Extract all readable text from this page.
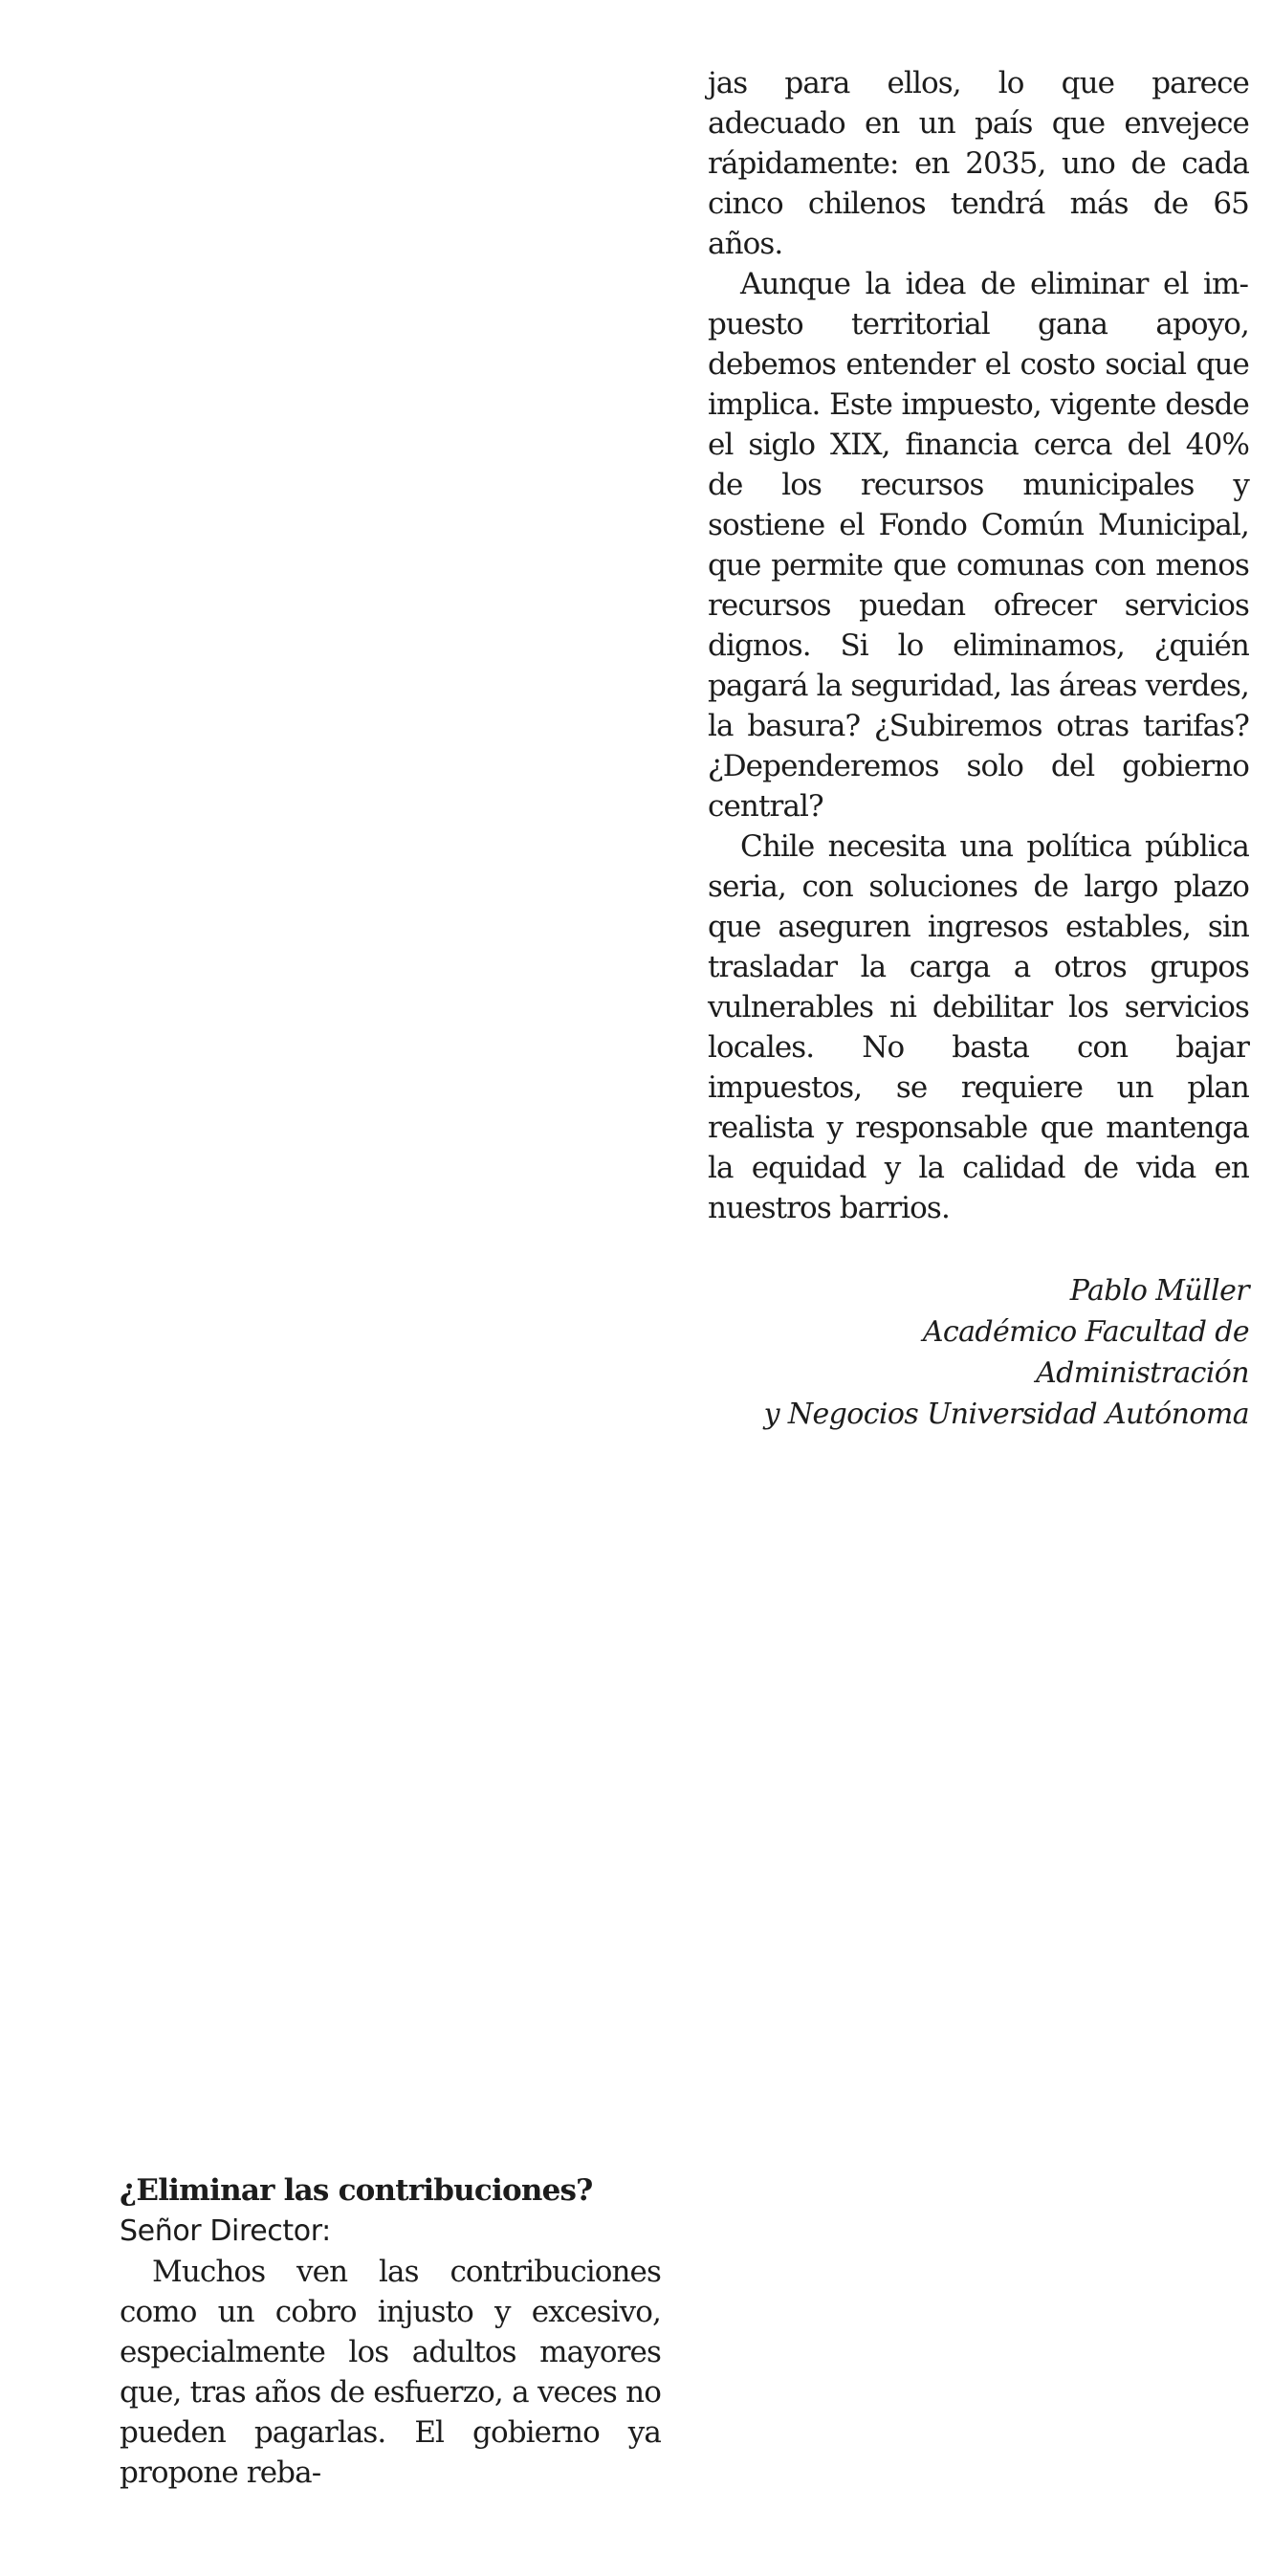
jas para ellos, lo que parece adecuado en un país que envejece rápidamente: en 2035, uno de cada cinco chilenos tendrá más de 65 años.

Aunque la idea de eliminar el impuesto territorial gana apoyo, debemos entender el costo social que implica. Este impuesto, vigente desde el siglo XIX, financia cerca del 40% de los recursos municipales y sostiene el Fondo Común Municipal, que permite que comunas con menos recursos puedan ofrecer servicios dignos. Si lo eliminamos, ¿quién pagará la seguridad, las áreas verdes, la basura? ¿Subiremos otras tarifas? ¿Dependeremos solo del gobierno central?

Chile necesita una política pública seria, con soluciones de largo plazo que aseguren ingresos estables, sin trasladar la carga a otros grupos vulnerables ni debilitar los servicios locales. No basta con bajar impuestos, se requiere un plan realista y responsable que mantenga la equidad y la calidad de vida en nuestros barrios.

Pablo Müller
Académico Facultad de Administración
y Negocios Universidad Autónoma
¿Eliminar las contribuciones?

Señor Director:

Muchos ven las contribuciones como un cobro injusto y excesivo, especialmente los adultos mayores que, tras años de esfuerzo, a veces no pueden pagarlas. El gobierno ya propone reba-
